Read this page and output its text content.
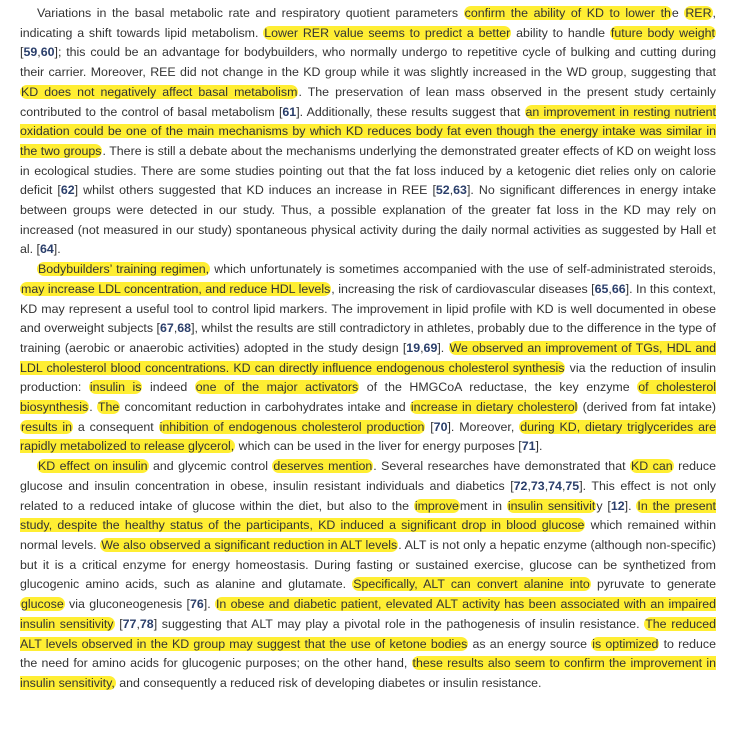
Variations in the basal metabolic rate and respiratory quotient parameters confirm the ability of KD to lower the RER, indicating a shift towards lipid metabolism. Lower RER value seems to predict a better ability to handle future body weight [59,60]; this could be an advantage for bodybuilders, who normally undergo to repetitive cycle of bulking and cutting during their carrier. Moreover, REE did not change in the KD group while it was slightly increased in the WD group, suggesting that KD does not negatively affect basal metabolism. The preservation of lean mass observed in the present study certainly contributed to the control of basal metabolism [61]. Additionally, these results suggest that an improvement in resting nutrient oxidation could be one of the main mechanisms by which KD reduces body fat even though the energy intake was similar in the two groups. There is still a debate about the mechanisms underlying the demonstrated greater effects of KD on weight loss in ecological studies. There are some studies pointing out that the fat loss induced by a ketogenic diet relies only on calorie deficit [62] whilst others suggested that KD induces an increase in REE [52,63]. No significant differences in energy intake between groups were detected in our study. Thus, a possible explanation of the greater fat loss in the KD may rely on increased (not measured in our study) spontaneous physical activity during the daily normal activities as suggested by Hall et al. [64].

Bodybuilders’ training regimen, which unfortunately is sometimes accompanied with the use of self-administrated steroids, may increase LDL concentration, and reduce HDL levels, increasing the risk of cardiovascular diseases [65,66]. In this context, KD may represent a useful tool to control lipid markers. The improvement in lipid profile with KD is well documented in obese and overweight subjects [67,68], whilst the results are still contradictory in athletes, probably due to the difference in the type of training (aerobic or anaerobic activities) adopted in the study design [19,69]. We observed an improvement of TGs, HDL and LDL cholesterol blood concentrations. KD can directly influence endogenous cholesterol synthesis via the reduction of insulin production: insulin is indeed one of the major activators of the HMGCoA reductase, the key enzyme of cholesterol biosynthesis. The concomitant reduction in carbohydrates intake and increase in dietary cholesterol (derived from fat intake) results in a consequent inhibition of endogenous cholesterol production [70]. Moreover, during KD, dietary triglycerides are rapidly metabolized to release glycerol, which can be used in the liver for energy purposes [71].

KD effect on insulin and glycemic control deserves mention. Several researches have demonstrated that KD can reduce glucose and insulin concentration in obese, insulin resistant individuals and diabetics [72,73,74,75]. This effect is not only related to a reduced intake of glucose within the diet, but also to the improvement in insulin sensitivity [12]. In the present study, despite the healthy status of the participants, KD induced a significant drop in blood glucose which remained within normal levels. We also observed a significant reduction in ALT levels. ALT is not only a hepatic enzyme (although non-specific) but it is a critical enzyme for energy homeostasis. During fasting or sustained exercise, glucose can be synthetized from glucogenic amino acids, such as alanine and glutamate. Specifically, ALT can convert alanine into pyruvate to generate glucose via gluconeogenesis [76]. In obese and diabetic patient, elevated ALT activity has been associated with an impaired insulin sensitivity [77,78] suggesting that ALT may play a pivotal role in the pathogenesis of insulin resistance. The reduced ALT levels observed in the KD group may suggest that the use of ketone bodies as an energy source is optimized to reduce the need for amino acids for glucogenic purposes; on the other hand, these results also seem to confirm the improvement in insulin sensitivity, and consequently a reduced risk of developing diabetes or insulin resistance.
